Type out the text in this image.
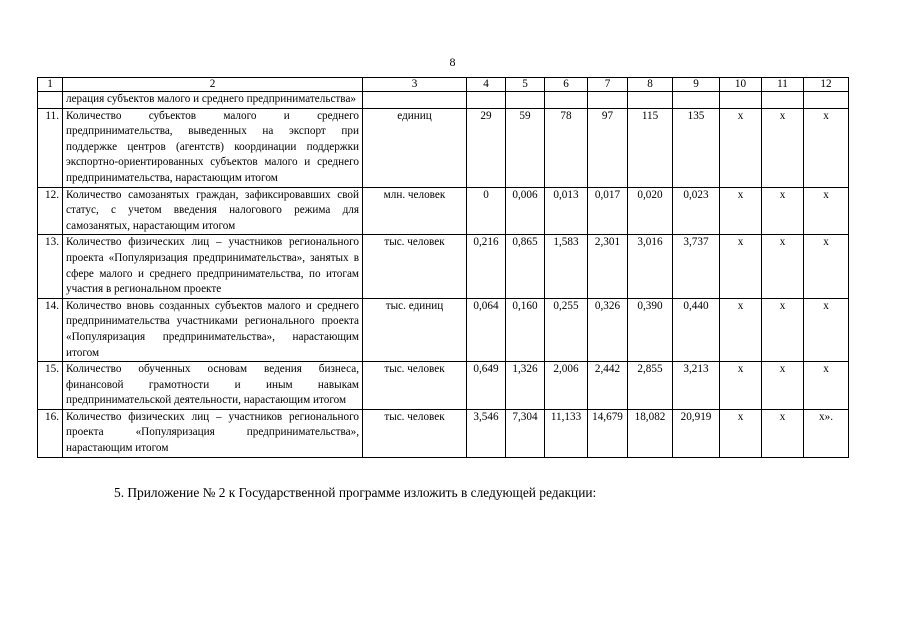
8
1	2	3	4	5	6	7	8	9	10	11	12
	лерация субъектов малого и среднего предпринимательства»										
11.	Количество субъектов малого и среднего предпринимательства, выведенных на экспорт при поддержке центров (агентств) координации поддержки экспортно-ориентированных субъектов малого и среднего предпринимательства, нарастающим итогом	единиц	29	59	78	97	115	135	х	х	х
12.	Количество самозанятых граждан, зафиксировавших свой статус, с учетом введения налогового режима для самозанятых, нарастающим итогом	млн. человек	0	0,006	0,013	0,017	0,020	0,023	х	х	х
13.	Количество физических лиц – участников регионального проекта «Популяризация предпринимательства», занятых в сфере малого и среднего предпринимательства, по итогам участия в региональном проекте	тыс. человек	0,216	0,865	1,583	2,301	3,016	3,737	х	х	х
14.	Количество вновь созданных субъектов малого и среднего предпринимательства участниками регионального проекта «Популяризация предпринимательства», нарастающим итогом	тыс. единиц	0,064	0,160	0,255	0,326	0,390	0,440	х	х	х
15.	Количество обученных основам ведения бизнеса, финансовой грамотности и иным навыкам предпринимательской деятельности, нарастающим итогом	тыс. человек	0,649	1,326	2,006	2,442	2,855	3,213	х	х	х
16.	Количество физических лиц – участников регионального проекта «Популяризация предпринимательства», нарастающим итогом	тыс. человек	3,546	7,304	11,133	14,679	18,082	20,919	х	х	х».
5. Приложение № 2 к Государственной программе изложить в следующей редакции:
